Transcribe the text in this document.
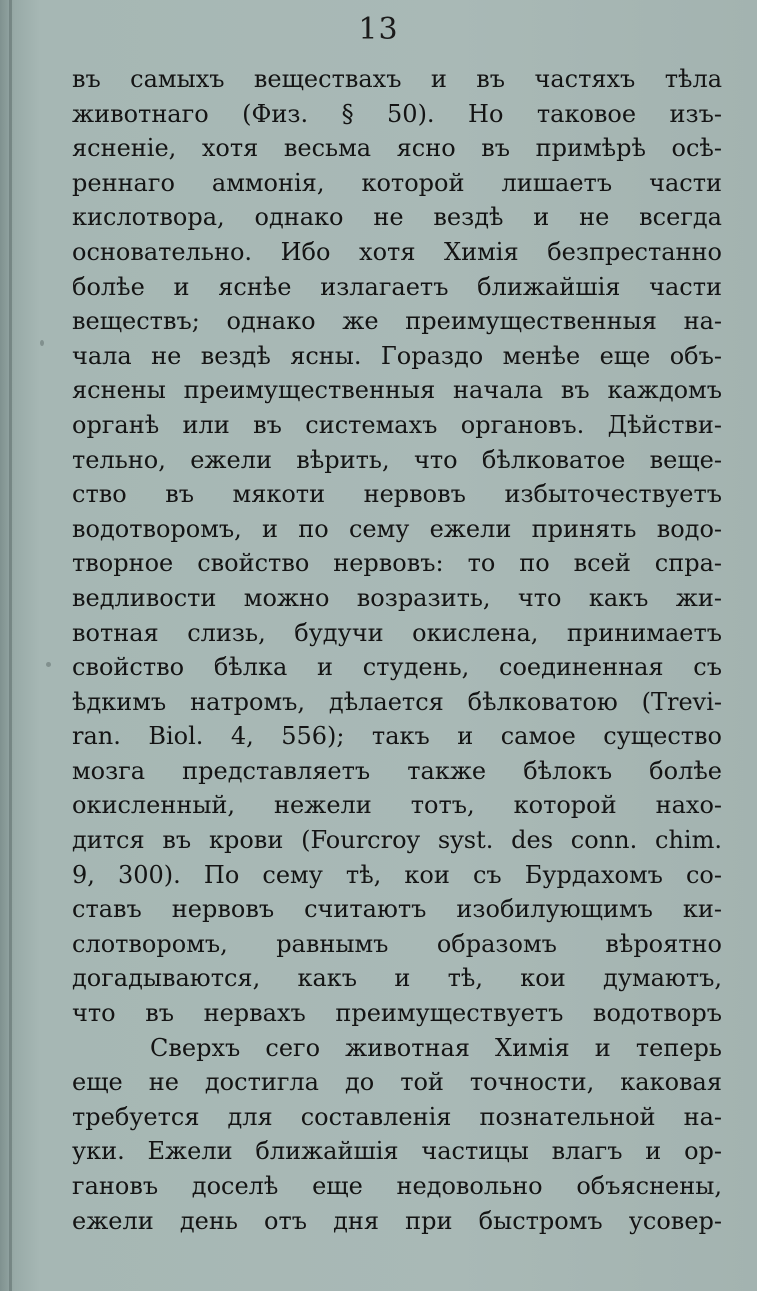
13
въ самыхъ веществахъ и въ частяхъ тѣла
животнаго (Физ. § 50). Но таковое изъ-
ясненіе, хотя весьма ясно въ примѣрѣ осѣ-
реннаго аммонія, которой лишаетъ части
кислотвора, однако не вездѣ и не всегда
основательно. Ибо хотя Химія безпрестанно
болѣе и яснѣе излагаетъ ближайшія части
веществъ; однако же преимущественныя на-
чала не вездѣ ясны. Гораздо менѣе еще объ-
яснены преимущественныя начала въ каждомъ
органѣ или въ системахъ органовъ. Дѣйстви-
тельно, ежели вѣрить, что бѣлковатое веще-
ство въ мякоти нервовъ избыточествуетъ
водотворомъ, и по сему ежели принять водо-
творное свойство нервовъ: то по всей спра-
ведливости можно возразить, что какъ жи-
вотная слизь, будучи окислена, принимаетъ
свойство бѣлка и студень, соединенная съ
ѣдкимъ натромъ, дѣлается бѣлковатою (Trevi-
ran. Biol. 4, 556); такъ и самое существо
мозга представляетъ также бѣлокъ болѣе
окисленный, нежели тотъ, которой нахо-
дится въ крови (Fourcroy syst. des conn. chim.
9, 300). По сему тѣ, кои съ Бурдахомъ со-
ставъ нервовъ считаютъ изобилующимъ ки-
слотворомъ, равнымъ образомъ вѣроятно
догадываются, какъ и тѣ, кои думаютъ,
что въ нервахъ преимуществуетъ водотворъ
Сверхъ сего животная Химія и теперь
еще не достигла до той точности, каковая
требуется для составленія познательной на-
уки. Ежели ближайшія частицы влагъ и ор-
гановъ доселѣ еще недовольно объяснены,
ежели день отъ дня при быстромъ усовер-
